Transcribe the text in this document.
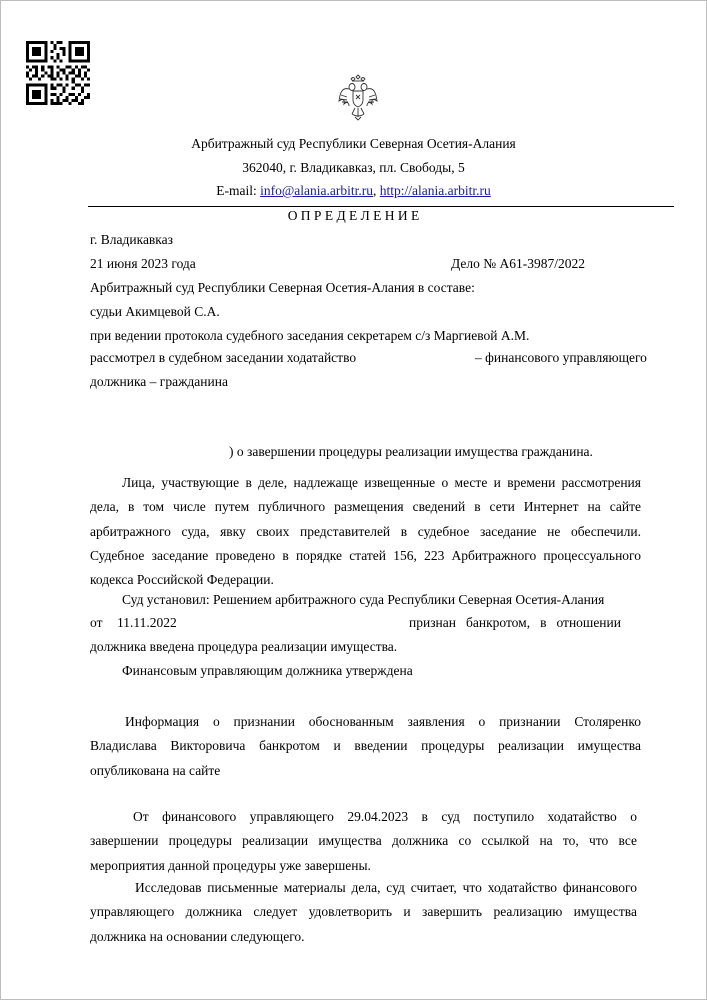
Арбитражный суд Республики Северная Осетия-Алания
362040, г. Владикавказ, пл. Свободы, 5
E-mail: info@alania.arbitr.ru, http://alania.arbitr.ru
О П Р Е Д Е Л Е Н И Е
г. Владикавказ
21 июня 2023 года	Дело № А61-3987/2022
Арбитражный суд Республики Северная Осетия-Алания в составе:
судьи Акимцевой С.А.
при ведении протокола судебного заседания секретарем с/з Маргиевой А.М.
рассмотрел в судебном заседании ходатайство	– финансового управляющего
должника – гражданина
) о завершении процедуры реализации имущества гражданина.
Лица, участвующие в деле, надлежаще извещенные о месте и времени рассмотрения
дела, в том числе путем публичного размещения сведений в сети Интернет на сайте
арбитражного суда, явку своих представителей в судебное заседание не обеспечили.
Судебное заседание проведено в порядке статей 156, 223 Арбитражного процессуального
кодекса Российской Федерации.
Суд установил: Решением арбитражного суда Республики Северная Осетия-Алания
от 11.11.2022	признан банкротом, в отношении
должника введена процедура реализации имущества.
Финансовым управляющим должника утверждена
Информация о признании обоснованным заявления о признании Столяренко
Владислава Викторовича банкротом и введении процедуры реализации имущества
опубликована на сайте
От финансового управляющего 29.04.2023 в суд поступило ходатайство о
завершении процедуры реализации имущества должника со ссылкой на то, что все
мероприятия данной процедуры уже завершены.
Исследовав письменные материалы дела, суд считает, что ходатайство финансового
управляющего должника следует удовлетворить и завершить реализацию имущества
должника на основании следующего.
